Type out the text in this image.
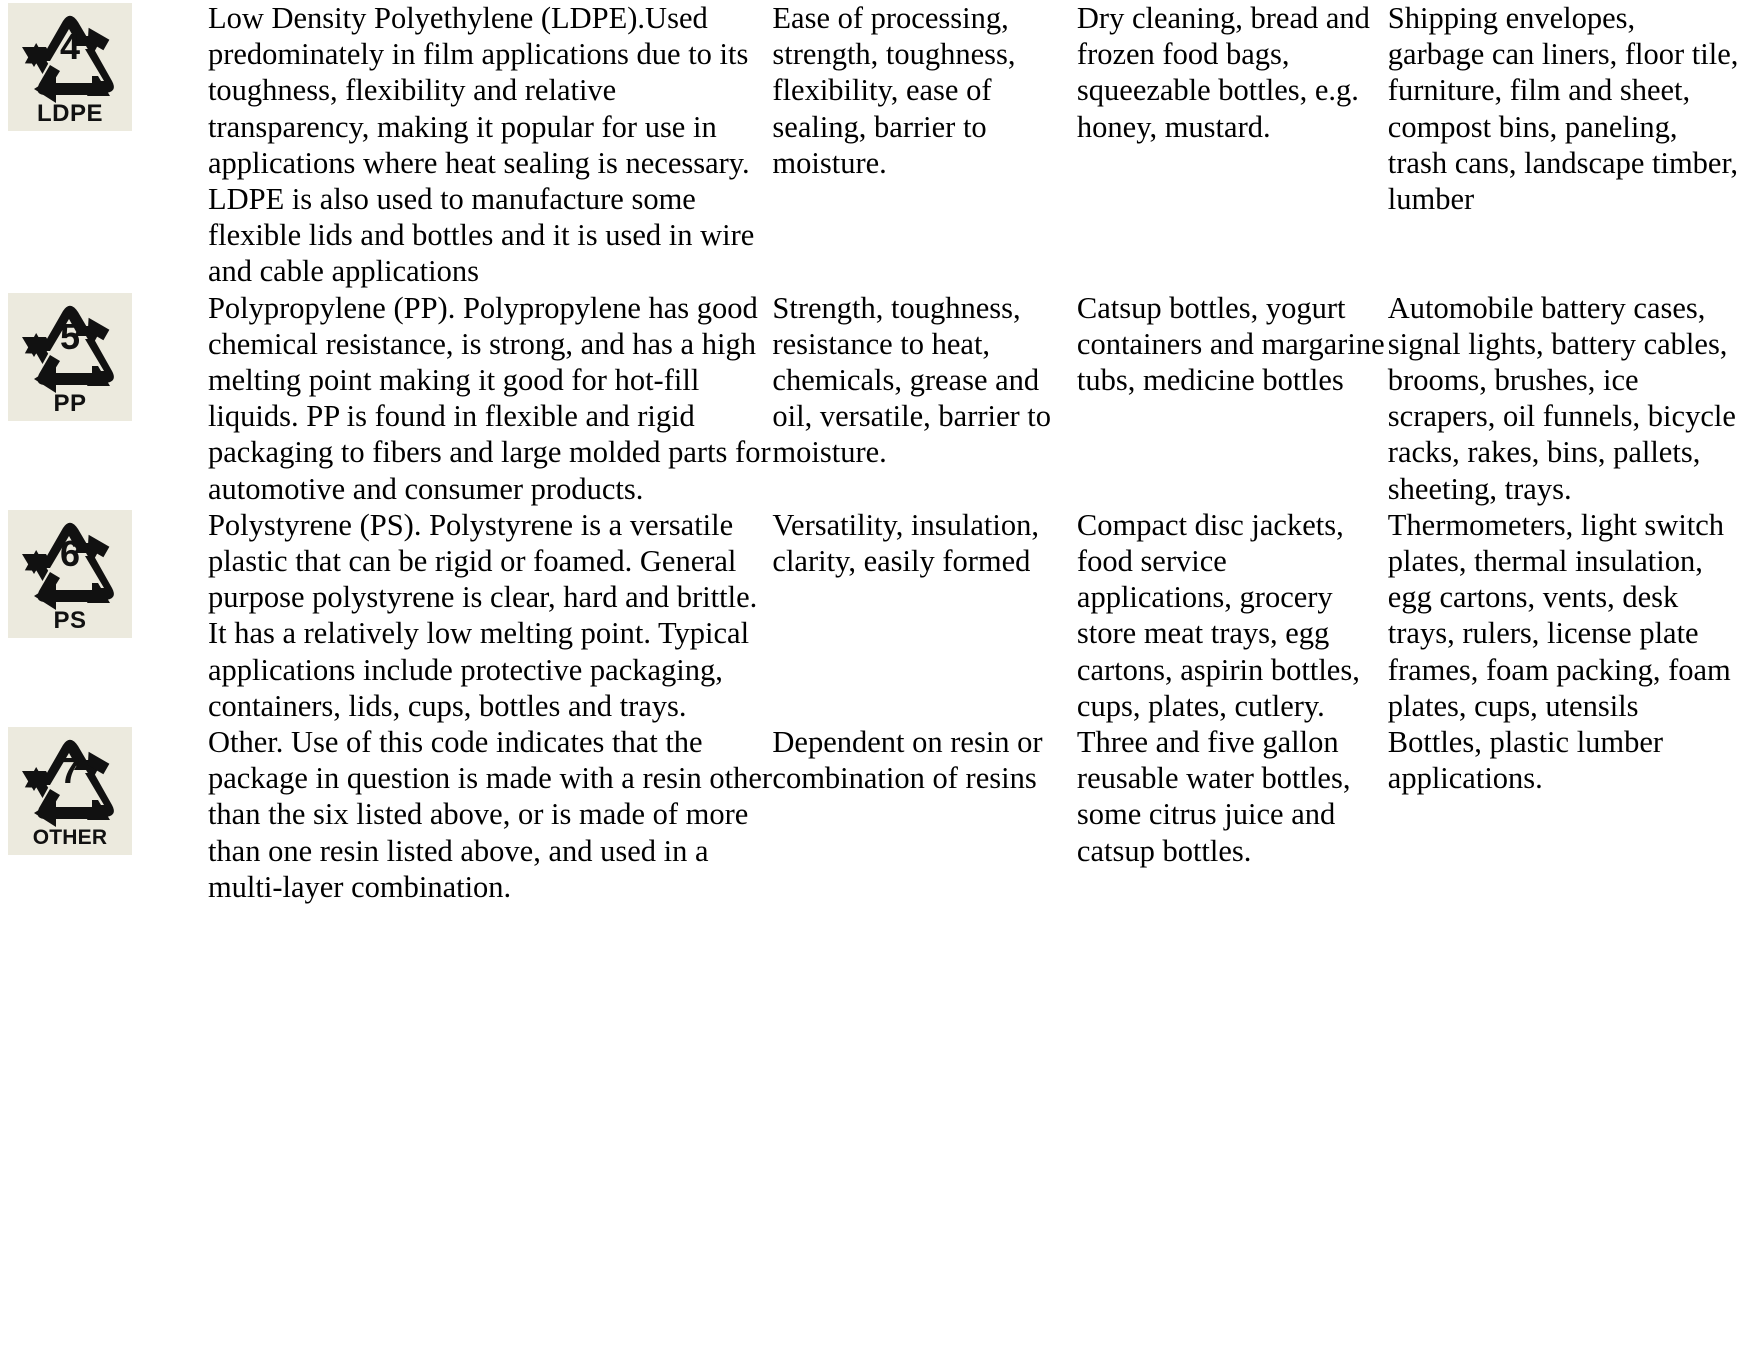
4
LDPE	Low Density Polyethylene (LDPE).Used predominately in film applications due to its toughness, flexibility and relative transparency, making it popular for use in applications where heat sealing is necessary. LDPE is also used to manufacture some flexible lids and bottles and it is used in wire and cable applications	Ease of processing, strength, toughness, flexibility, ease of sealing, barrier to moisture.	Dry cleaning, bread and frozen food bags, squeezable bottles, e.g. honey, mustard.	Shipping envelopes, garbage can liners, floor tile, furniture, film and sheet, compost bins, paneling, trash cans, landscape timber, lumber

5
PP	Polypropylene (PP). Polypropylene has good chemical resistance, is strong, and has a high melting point making it good for hot-fill liquids. PP is found in flexible and rigid packaging to fibers and large molded parts for automotive and consumer products.	Strength, toughness, resistance to heat, chemicals, grease and oil, versatile, barrier to moisture.	Catsup bottles, yogurt containers and margarine tubs, medicine bottles	Automobile battery cases, signal lights, battery cables, brooms, brushes, ice scrapers, oil funnels, bicycle racks, rakes, bins, pallets, sheeting, trays.

6
PS	Polystyrene (PS). Polystyrene is a versatile plastic that can be rigid or foamed. General purpose polystyrene is clear, hard and brittle. It has a relatively low melting point. Typical applications include protective packaging, containers, lids, cups, bottles and trays.	Versatility, insulation, clarity, easily formed	Compact disc jackets, food service applications, grocery store meat trays, egg cartons, aspirin bottles, cups, plates, cutlery.	Thermometers, light switch plates, thermal insulation, egg cartons, vents, desk trays, rulers, license plate frames, foam packing, foam plates, cups, utensils

7
OTHER	Other. Use of this code indicates that the package in question is made with a resin other than the six listed above, or is made of more than one resin listed above, and used in a multi-layer combination.	Dependent on resin or combination of resins	Three and five gallon reusable water bottles, some citrus juice and catsup bottles.	Bottles, plastic lumber applications.
